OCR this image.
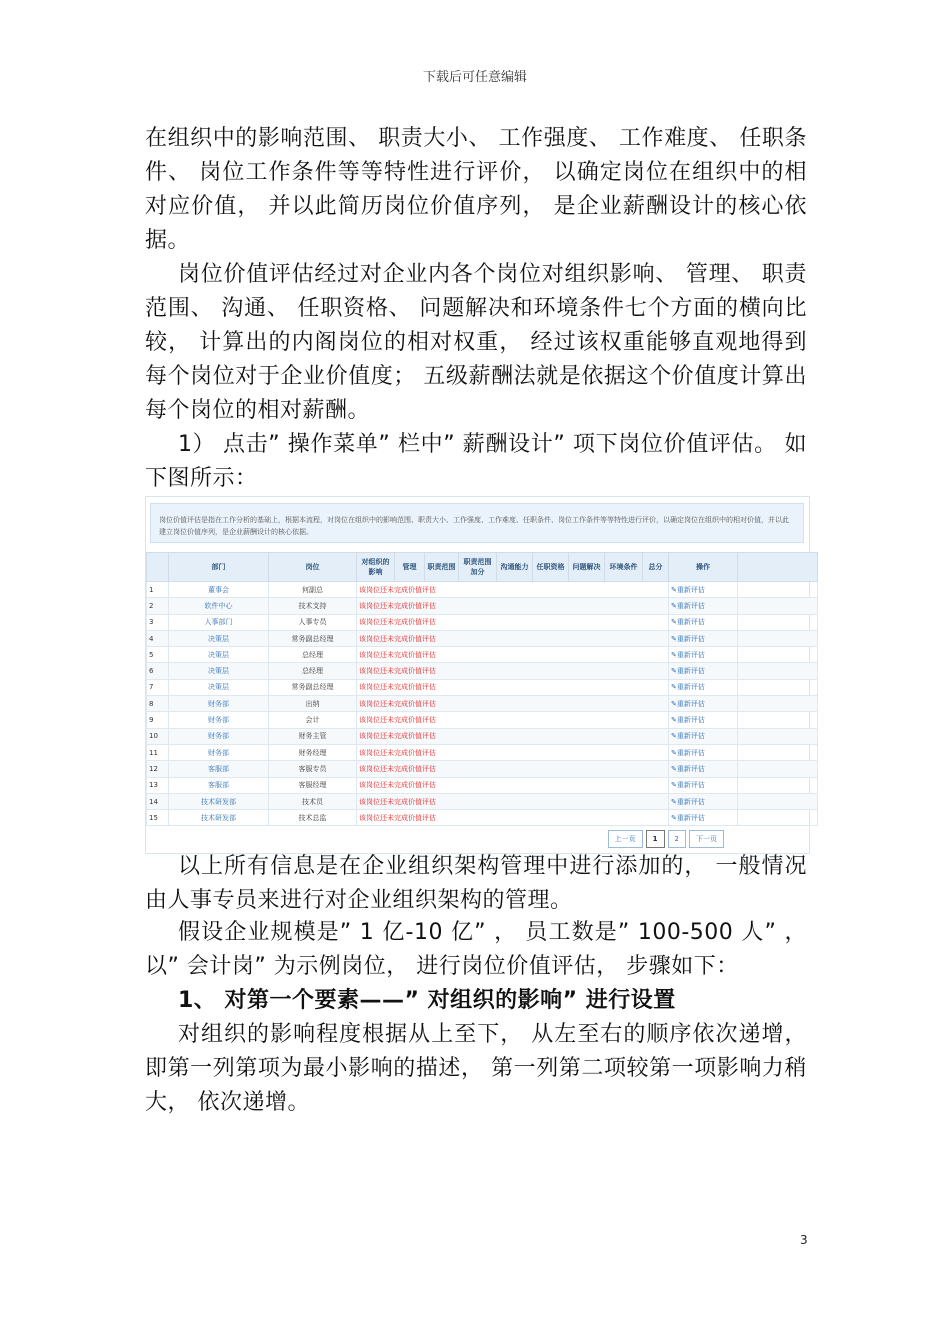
下载后可任意编辑

在组织中的影响范围、 职责大小、 工作强度、 工作难度、 任职条件、 岗位工作条件等等特性进行评价， 以确定岗位在组织中的相对应价值， 并以此简历岗位价值序列， 是企业薪酬设计的核心依据。

岗位价值评估经过对企业内各个岗位对组织影响、 管理、 职责范围、 沟通、 任职资格、 问题解决和环境条件七个方面的横向比较， 计算出的内阁岗位的相对权重， 经过该权重能够直观地得到每个岗位对于企业价值度； 五级薪酬法就是依据这个价值度计算出每个岗位的相对薪酬。

1） 点击” 操作菜单” 栏中” 薪酬设计” 项下岗位价值评估。 如下图所示：

岗位价值评估是指在工作分析的基础上，根据本流程，对岗位在组织中的影响范围、职责大小、工作强度、工作难度、任职条件、岗位工作条件等等特性进行评价，以确定岗位在组织中的相对价值，并以此建立岗位价值序列，是企业薪酬设计的核心依据。
	部门	岗位	对组织的影响	管理	职责范围	职责范围加分	沟通能力	任职资格	问题解决	环境条件	总分	操作	
1	董事会	何副总	该岗位还未完成价值评估									✎重新评估	
2	软件中心	技术支持	该岗位还未完成价值评估									✎重新评估	
3	人事部门	人事专员	该岗位还未完成价值评估									✎重新评估	
4	决策层	常务副总经理	该岗位还未完成价值评估									✎重新评估	
5	决策层	总经理	该岗位还未完成价值评估									✎重新评估	
6	决策层	总经理	该岗位还未完成价值评估									✎重新评估	
7	决策层	常务副总经理	该岗位还未完成价值评估									✎重新评估	
8	财务部	出纳	该岗位还未完成价值评估									✎重新评估	
9	财务部	会计	该岗位还未完成价值评估									✎重新评估	
10	财务部	财务主管	该岗位还未完成价值评估									✎重新评估	
11	财务部	财务经理	该岗位还未完成价值评估									✎重新评估	
12	客服部	客服专员	该岗位还未完成价值评估									✎重新评估	
13	客服部	客服经理	该岗位还未完成价值评估									✎重新评估	
14	技术研发部	技术员	该岗位还未完成价值评估									✎重新评估	
15	技术研发部	技术总监	该岗位还未完成价值评估									✎重新评估	
上一页	1	2	下一页

以上所有信息是在企业组织架构管理中进行添加的， 一般情况由人事专员来进行对企业组织架构的管理。

假设企业规模是” 1 亿-10 亿” ， 员工数是” 100-500 人” ， 以” 会计岗” 为示例岗位， 进行岗位价值评估， 步骤如下：

1、 对第一个要素——” 对组织的影响” 进行设置

对组织的影响程度根据从上至下， 从左至右的顺序依次递增， 即第一列第项为最小影响的描述， 第一列第二项较第一项影响力稍大， 依次递增。

3
